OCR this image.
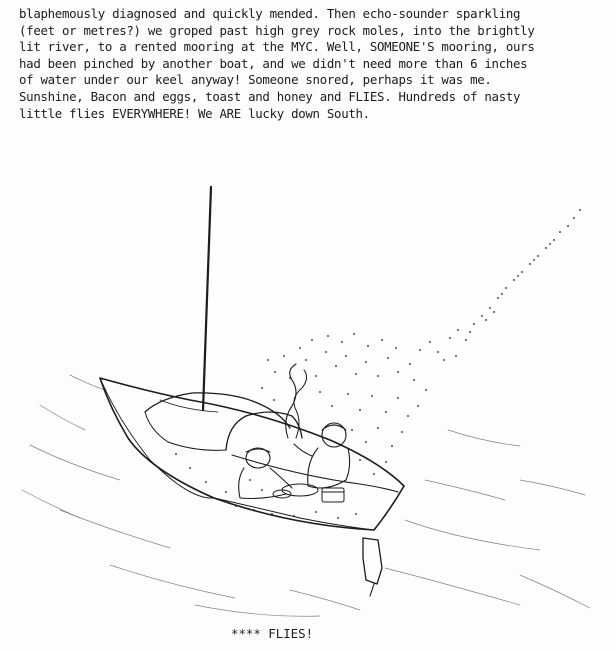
blaphemously diagnosed and quickly mended. Then echo-sounder sparkling
(feet or metres?) we groped past high grey rock moles, into the brightly
lit river, to a rented mooring at the MYC. Well, SOMEONE'S mooring, ours
had been pinched by another boat, and we didn't need more than 6 inches
of water under our keel anyway! Someone snored, perhaps it was me.
Sunshine, Bacon and eggs, toast and honey and FLIES. Hundreds of nasty
little flies EVERYWHERE! We ARE lucky down South.
**** FLIES!
